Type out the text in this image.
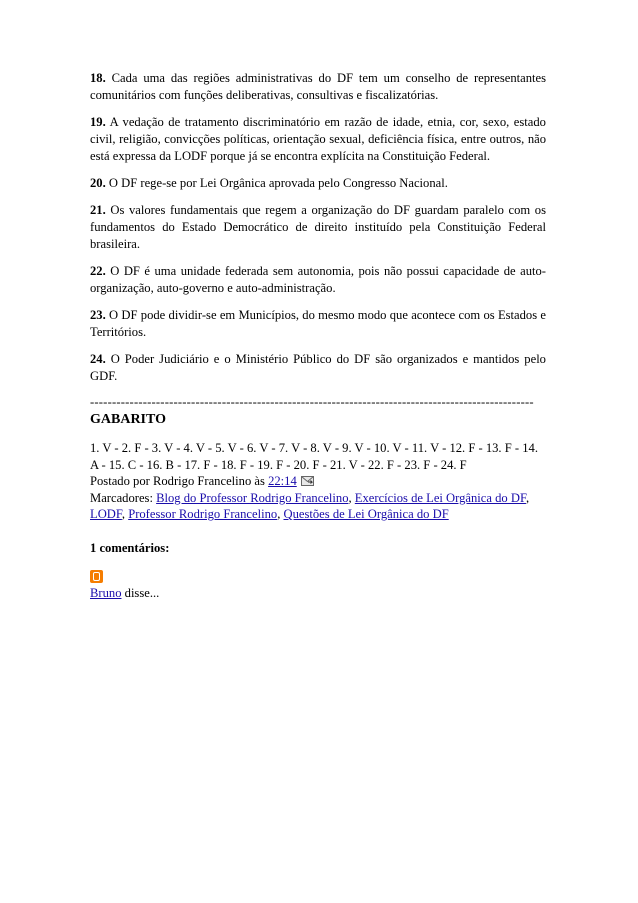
18. Cada uma das regiões administrativas do DF tem um conselho de representantes comunitários com funções deliberativas, consultivas e fiscalizatórias.

19. A vedação de tratamento discriminatório em razão de idade, etnia, cor, sexo, estado civil, religião, convicções políticas, orientação sexual, deficiência física, entre outros, não está expressa da LODF porque já se encontra explícita na Constituição Federal.

20. O DF rege-se por Lei Orgânica aprovada pelo Congresso Nacional.

21. Os valores fundamentais que regem a organização do DF guardam paralelo com os fundamentos do Estado Democrático de direito instituído pela Constituição Federal brasileira.

22. O DF é uma unidade federada sem autonomia, pois não possui capacidade de auto-organização, auto-governo e auto-administração.

23. O DF pode dividir-se em Municípios, do mesmo modo que acontece com os Estados e Territórios.

24. O Poder Judiciário e o Ministério Público do DF são organizados e mantidos pelo GDF.

-----------------------------------------------------------------------------------------------------
GABARITO

1. V - 2. F - 3. V - 4. V - 5. V - 6. V - 7. V - 8. V - 9. V - 10. V - 11. V - 12. F - 13. F - 14. A - 15. C - 16. B - 17. F - 18. F - 19. F - 20. F - 21. V - 22. F - 23. F - 24. F

Postado por Rodrigo Francelino às 22:14
Marcadores: Blog do Professor Rodrigo Francelino, Exercícios de Lei Orgânica do DF, LODF, Professor Rodrigo Francelino, Questões de Lei Orgânica do DF
1 comentários:
Bruno disse...
